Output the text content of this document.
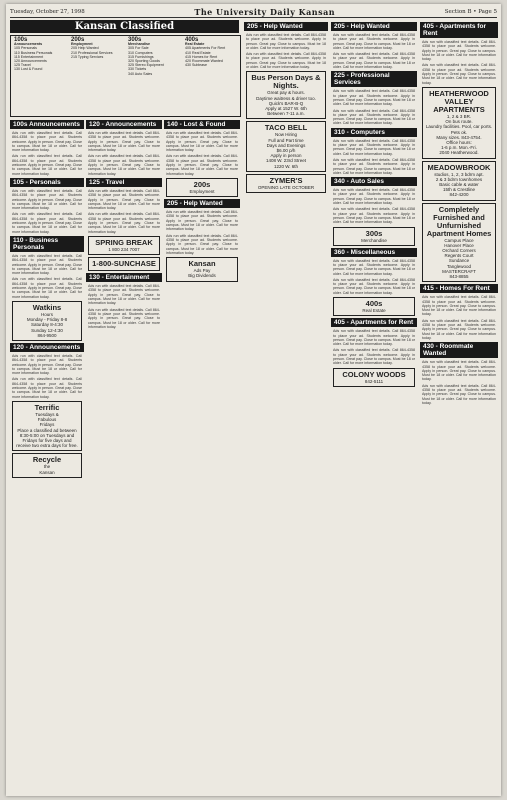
Tuesday, October 27, 1998	The University Daily Kansan	Section B • Page 5
Kansan Classified
100s
Announcements
105 Personals
110 Business Personals
115 Entertainment
120 Announcements
125 Travel
130 Lost & Found
200s
Employment
205 Help Wanted
210 Professional Services
215 Typing Services
300s
Merchandise
305 For Sale
310 Computers
315 Furnishings
320 Sporting Goods
325 Stereo Equipment
330 Tickets
340 Auto Sales
400s
Real Estate
405 Apartments For Rent
410 Real Estate
415 Homes for Rent
420 Roommate Wanted
430 Sublease
100s Announcements
Ads run with classified text details. Call 864-4358 to place your ad. Students welcome. Apply in person. Great pay. Close to campus. Must be 18 or older. Call for more information today.
Ads run with classified text details. Call 864-4358 to place your ad. Students welcome. Apply in person. Great pay. Close to campus. Must be 18 or older. Call for more information today.
105 - Personals
Ads run with classified text details. Call 864-4358 to place your ad. Students welcome. Apply in person. Great pay. Close to campus. Must be 18 or older. Call for more information today.
Ads run with classified text details. Call 864-4358 to place your ad. Students welcome. Apply in person. Great pay. Close to campus. Must be 18 or older. Call for more information today.
110 - Business Personals
Ads run with classified text details. Call 864-4358 to place your ad. Students welcome. Apply in person. Great pay. Close to campus. Must be 18 or older. Call for more information today.
Ads run with classified text details. Call 864-4358 to place your ad. Students welcome. Apply in person. Great pay. Close to campus. Must be 18 or older. Call for more information today.
Watkins
Hours
Monday - Friday 8-8
Saturday 8-4:30
Sunday 12-4:30
864-9500
120 - Announcements
Ads run with classified text details. Call 864-4358 to place your ad. Students welcome. Apply in person. Great pay. Close to campus. Must be 18 or older. Call for more information today.
Ads run with classified text details. Call 864-4358 to place your ad. Students welcome. Apply in person. Great pay. Close to campus. Must be 18 or older. Call for more information today.
Terrific
Tuesdays &
Fabulous
Fridays
Place a classified ad between 8:30-5:00 on Tuesdays and Fridays for five days and receive two extra days for free.
Recycle
the
Kansan
120 - Announcements
Ads run with classified text details. Call 864-4358 to place your ad. Students welcome. Apply in person. Great pay. Close to campus. Must be 18 or older. Call for more information today.
Ads run with classified text details. Call 864-4358 to place your ad. Students welcome. Apply in person. Great pay. Close to campus. Must be 18 or older. Call for more information today.
125 - Travel
Ads run with classified text details. Call 864-4358 to place your ad. Students welcome. Apply in person. Great pay. Close to campus. Must be 18 or older. Call for more information today.
Ads run with classified text details. Call 864-4358 to place your ad. Students welcome. Apply in person. Great pay. Close to campus. Must be 18 or older. Call for more information today.
SPRING BREAK
1 800 234 7007
1-800-SUNCHASE
130 - Entertainment
Ads run with classified text details. Call 864-4358 to place your ad. Students welcome. Apply in person. Great pay. Close to campus. Must be 18 or older. Call for more information today.
Ads run with classified text details. Call 864-4358 to place your ad. Students welcome. Apply in person. Great pay. Close to campus. Must be 18 or older. Call for more information today.
140 - Lost & Found
Ads run with classified text details. Call 864-4358 to place your ad. Students welcome. Apply in person. Great pay. Close to campus. Must be 18 or older. Call for more information today.
Ads run with classified text details. Call 864-4358 to place your ad. Students welcome. Apply in person. Great pay. Close to campus. Must be 18 or older. Call for more information today.
200s
Employment
205 - Help Wanted
Ads run with classified text details. Call 864-4358 to place your ad. Students welcome. Apply in person. Great pay. Close to campus. Must be 18 or older. Call for more information today.
Ads run with classified text details. Call 864-4358 to place your ad. Students welcome. Apply in person. Great pay. Close to campus. Must be 18 or older. Call for more information today.
Kansan
Ads Pay
Big Dividends
205 - Help Wanted
Ads run with classified text details. Call 864-4358 to place your ad. Students welcome. Apply in person. Great pay. Close to campus. Must be 18 or older. Call for more information today.
Ads run with classified text details. Call 864-4358 to place your ad. Students welcome. Apply in person. Great pay. Close to campus. Must be 18 or older. Call for more information today.
Bus Person Days & Nights.
Great pay & hours.
Daytime waitress & driver too.
Quick's BAR-B-Q
Apply at 1527 W. 6th
Between 7-11 a.m.
TACO BELL
Now Hiring
Full and Part time
Days and Evenings
$6.00 p/h
Apply in person
1408 W. 23rd Street
1220 W. 6th
ZYMER'S
OPENING LATE OCTOBER
205 - Help Wanted
Ads run with classified text details. Call 864-4358 to place your ad. Students welcome. Apply in person. Great pay. Close to campus. Must be 18 or older. Call for more information today.
Ads run with classified text details. Call 864-4358 to place your ad. Students welcome. Apply in person. Great pay. Close to campus. Must be 18 or older. Call for more information today.
225 - Professional Services
Ads run with classified text details. Call 864-4358 to place your ad. Students welcome. Apply in person. Great pay. Close to campus. Must be 18 or older. Call for more information today.
Ads run with classified text details. Call 864-4358 to place your ad. Students welcome. Apply in person. Great pay. Close to campus. Must be 18 or older. Call for more information today.
310 - Computers
Ads run with classified text details. Call 864-4358 to place your ad. Students welcome. Apply in person. Great pay. Close to campus. Must be 18 or older. Call for more information today.
Ads run with classified text details. Call 864-4358 to place your ad. Students welcome. Apply in person. Great pay. Close to campus. Must be 18 or older. Call for more information today.
340 - Auto Sales
Ads run with classified text details. Call 864-4358 to place your ad. Students welcome. Apply in person. Great pay. Close to campus. Must be 18 or older. Call for more information today.
Ads run with classified text details. Call 864-4358 to place your ad. Students welcome. Apply in person. Great pay. Close to campus. Must be 18 or older. Call for more information today.
300s
Merchandise
360 - Miscellaneous
Ads run with classified text details. Call 864-4358 to place your ad. Students welcome. Apply in person. Great pay. Close to campus. Must be 18 or older. Call for more information today.
Ads run with classified text details. Call 864-4358 to place your ad. Students welcome. Apply in person. Great pay. Close to campus. Must be 18 or older. Call for more information today.
400s
Real Estate
405 - Apartments for Rent
Ads run with classified text details. Call 864-4358 to place your ad. Students welcome. Apply in person. Great pay. Close to campus. Must be 18 or older. Call for more information today.
Ads run with classified text details. Call 864-4358 to place your ad. Students welcome. Apply in person. Great pay. Close to campus. Must be 18 or older. Call for more information today.
COLONY WOODS
842-5111
405 - Apartments for Rent
Ads run with classified text details. Call 864-4358 to place your ad. Students welcome. Apply in person. Great pay. Close to campus. Must be 18 or older. Call for more information today.
Ads run with classified text details. Call 864-4358 to place your ad. Students welcome. Apply in person. Great pay. Close to campus. Must be 18 or older. Call for more information today.
HEATHERWOOD VALLEY APARTMENTS
1, 2 & 3 BR.
On bus route.
Laundry facilities. Pool, car ports.
Pets ok.
Many sizes. 843-4754.
Office hours:
1-6 p.m. Mon.-Fri.
2040 Heatherwood.
MEADOWBROOK
studios, 1, 2, 3 bdrm apt.
2 & 3 bdrm townhomes
Basic cable & water
15th & Crestline
842-4200
Completely Furnished and Unfurnished Apartment Homes
Campus Place
Hanover Place
Orchard Corners
Regents Court
Sundance
Tanglewood
MASTERCRAFT
843-8855
415 - Homes For Rent
Ads run with classified text details. Call 864-4358 to place your ad. Students welcome. Apply in person. Great pay. Close to campus. Must be 18 or older. Call for more information today.
Ads run with classified text details. Call 864-4358 to place your ad. Students welcome. Apply in person. Great pay. Close to campus. Must be 18 or older. Call for more information today.
430 - Roommate Wanted
Ads run with classified text details. Call 864-4358 to place your ad. Students welcome. Apply in person. Great pay. Close to campus. Must be 18 or older. Call for more information today.
Ads run with classified text details. Call 864-4358 to place your ad. Students welcome. Apply in person. Great pay. Close to campus. Must be 18 or older. Call for more information today.
